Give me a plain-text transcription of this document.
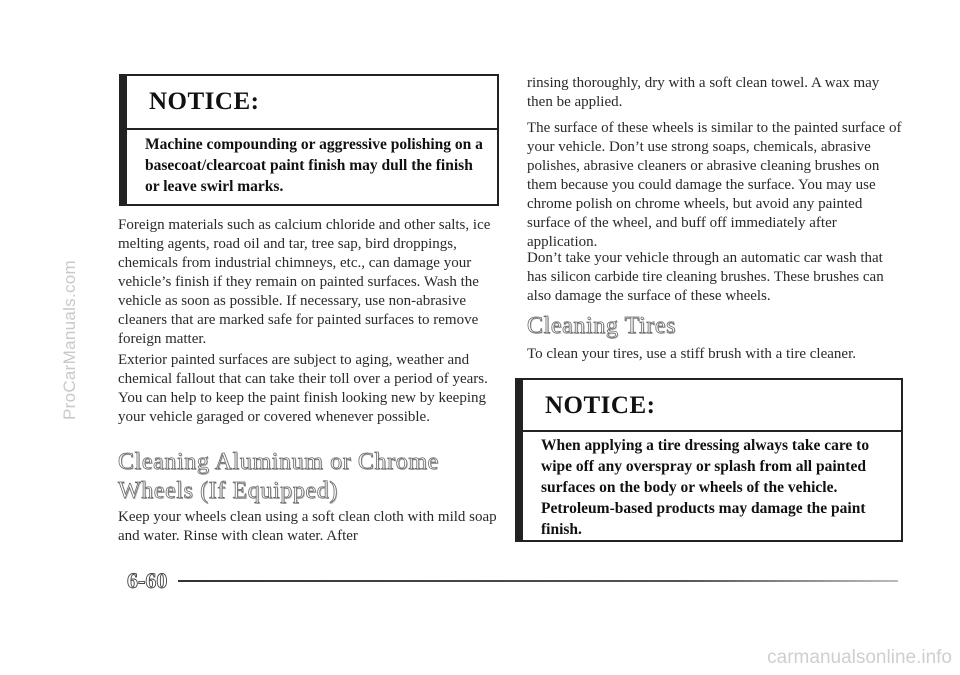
ProCarManuals.com
NOTICE:
Machine compounding or aggressive polishing on a basecoat/clearcoat paint finish may dull the finish or leave swirl marks.
Foreign materials such as calcium chloride and other salts, ice melting agents, road oil and tar, tree sap, bird droppings, chemicals from industrial chimneys, etc., can damage your vehicle’s finish if they remain on painted surfaces. Wash the vehicle as soon as possible. If necessary, use non-abrasive cleaners that are marked safe for painted surfaces to remove foreign matter.
Exterior painted surfaces are subject to aging, weather and chemical fallout that can take their toll over a period of years. You can help to keep the paint finish looking new by keeping your vehicle garaged or covered whenever possible.
Cleaning Aluminum or Chrome
Wheels (If Equipped)
Keep your wheels clean using a soft clean cloth with mild soap and water. Rinse with clean water. After
rinsing thoroughly, dry with a soft clean towel. A wax may then be applied.
The surface of these wheels is similar to the painted surface of your vehicle. Don’t use strong soaps, chemicals, abrasive polishes, abrasive cleaners or abrasive cleaning brushes on them because you could damage the surface. You may use chrome polish on chrome wheels, but avoid any painted surface of the wheel, and buff off immediately after application.
Don’t take your vehicle through an automatic car wash that has silicon carbide tire cleaning brushes. These brushes can also damage the surface of these wheels.
Cleaning Tires
To clean your tires, use a stiff brush with a tire cleaner.
NOTICE:
When applying a tire dressing always take care to wipe off any overspray or splash from all painted surfaces on the body or wheels of the vehicle. Petroleum-based products may damage the paint finish.
6-60
carmanualsonline.info
